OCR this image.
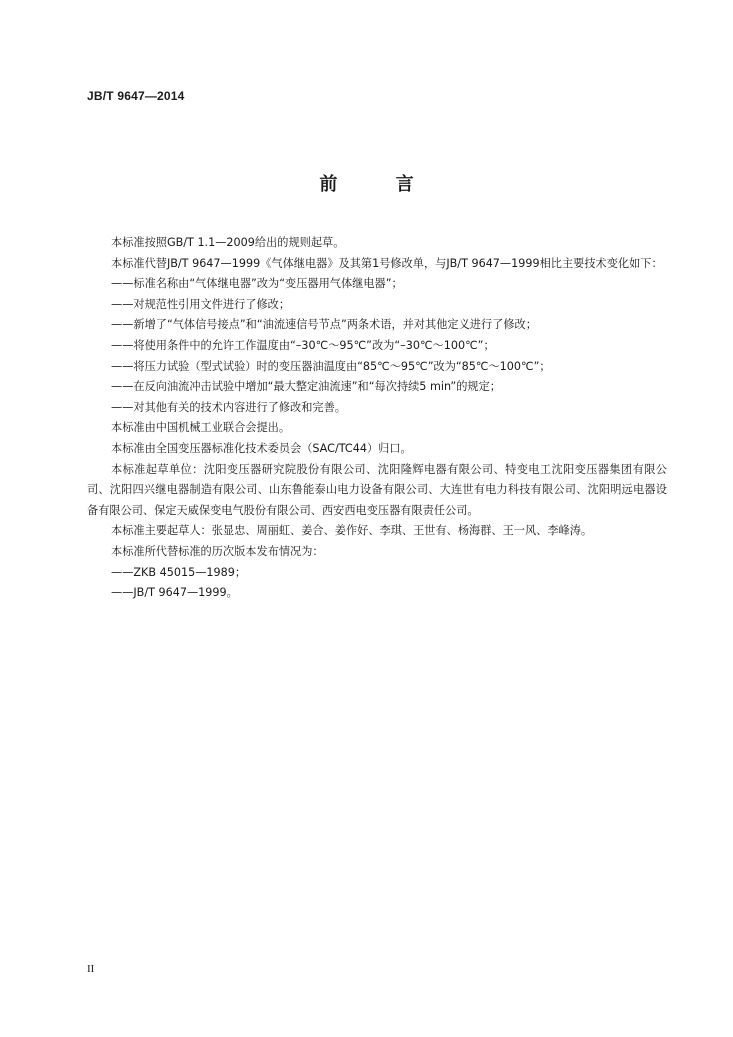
JB/T 9647—2014
前 言

本标准按照GB/T 1.1—2009给出的规则起草。

本标准代替JB/T 9647—1999《气体继电器》及其第1号修改单，与JB/T 9647—1999相比主要技术变化如下：

——标准名称由“气体继电器”改为“变压器用气体继电器”；

——对规范性引用文件进行了修改；

——新增了“气体信号接点”和“油流速信号节点”两条术语，并对其他定义进行了修改；

——将使用条件中的允许工作温度由“–30℃～95℃”改为“–30℃～100℃”；

——将压力试验（型式试验）时的变压器油温度由“85℃～95℃”改为“85℃～100℃”；

——在反向油流冲击试验中增加“最大整定油流速”和“每次持续5 min”的规定；

——对其他有关的技术内容进行了修改和完善。

本标准由中国机械工业联合会提出。

本标准由全国变压器标准化技术委员会（SAC/TC44）归口。

本标准起草单位：沈阳变压器研究院股份有限公司、沈阳隆辉电器有限公司、特变电工沈阳变压器集团有限公司、沈阳四兴继电器制造有限公司、山东鲁能泰山电力设备有限公司、大连世有电力科技有限公司、沈阳明远电器设备有限公司、保定天威保变电气股份有限公司、西安西电变压器有限责任公司。

本标准主要起草人：张显忠、周丽虹、姜合、姜作好、李琪、王世有、杨海群、王一风、李峰涛。

本标准所代替标准的历次版本发布情况为：

——ZKB 45015—1989；

——JB/T 9647—1999。

II
